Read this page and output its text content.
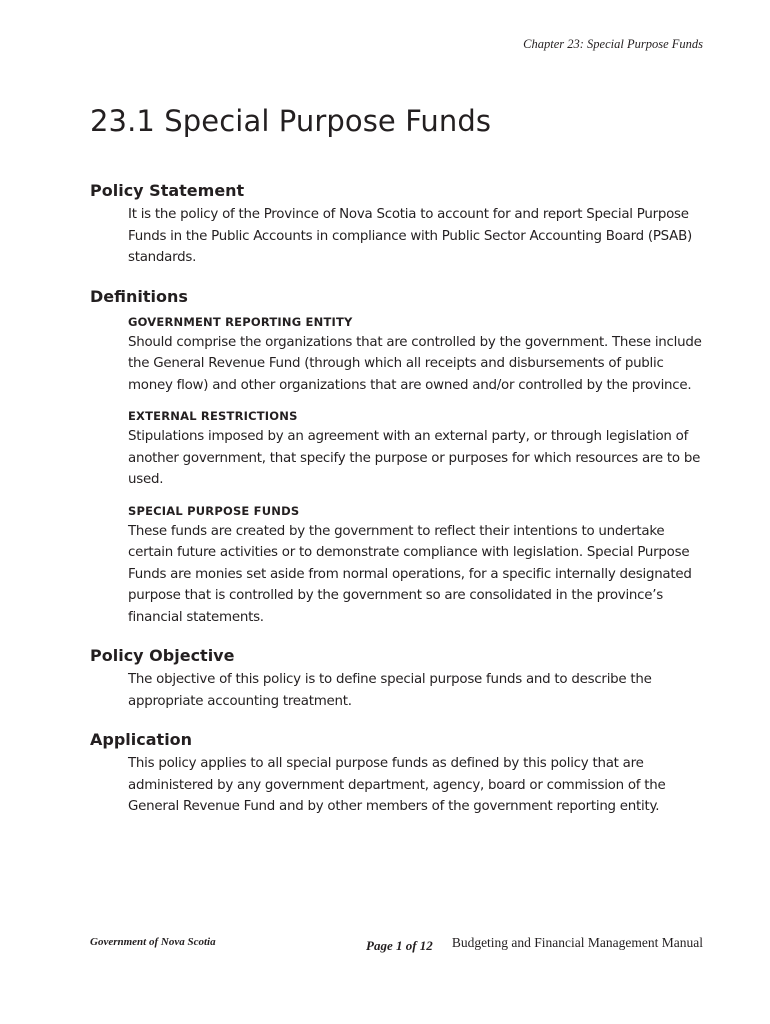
Chapter 23: Special Purpose Funds
23.1 Special Purpose Funds
Policy Statement

It is the policy of the Province of Nova Scotia to account for and report Special Purpose Funds in the Public Accounts in compliance with Public Sector Accounting Board (PSAB) standards.

Definitions
GOVERNMENT REPORTING ENTITY

Should comprise the organizations that are controlled by the government. These include the General Revenue Fund (through which all receipts and disbursements of public money flow) and other organizations that are owned and/or controlled by the province.

EXTERNAL RESTRICTIONS

Stipulations imposed by an agreement with an external party, or through legislation of another government, that specify the purpose or purposes for which resources are to be used.

SPECIAL PURPOSE FUNDS

These funds are created by the government to reflect their intentions to undertake certain future activities or to demonstrate compliance with legislation. Special Purpose Funds are monies set aside from normal operations, for a specific internally designated purpose that is controlled by the government so are consolidated in the province’s financial statements.

Policy Objective

The objective of this policy is to define special purpose funds and to describe the appropriate accounting treatment.

Application

This policy applies to all special purpose funds as defined by this policy that are administered by any government department, agency, board or commission of the General Revenue Fund and by other members of the government reporting entity.

Government of Nova Scotia	Page 1 of 12 Budgeting and Financial Management Manual
